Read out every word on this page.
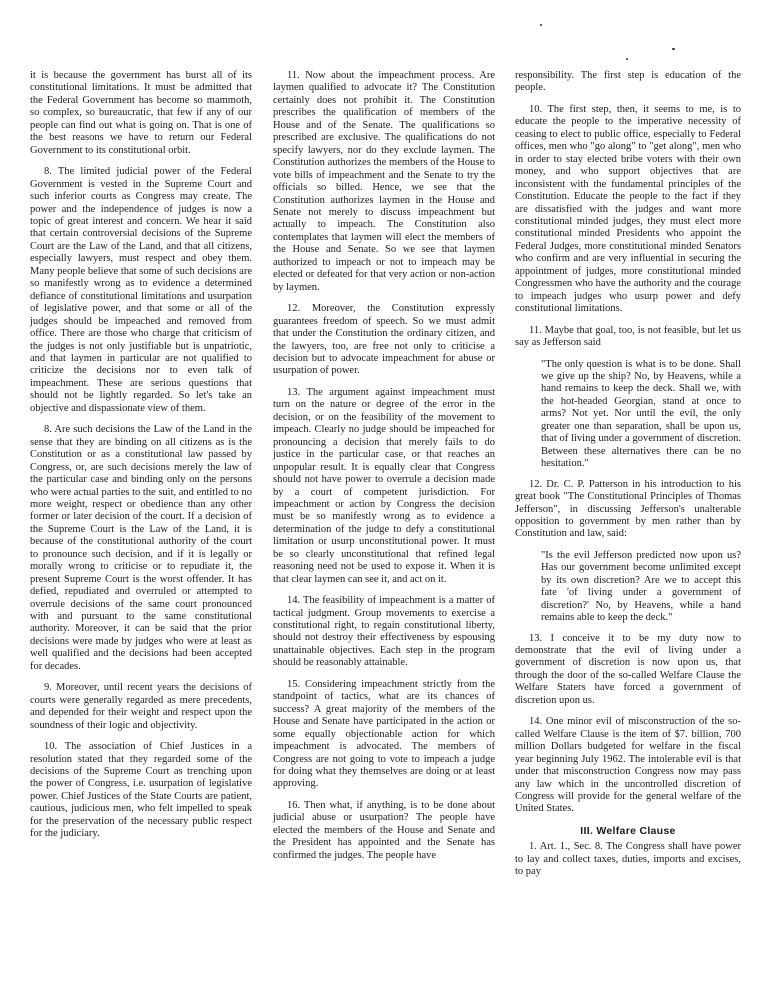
it is because the government has burst all of its constitutional limitations. It must be admitted that the Federal Government has become so mammoth, so complex, so bureaucratic, that few if any of our people can find out what is going on. That is one of the best reasons we have to return our Federal Government to its constitutional orbit.

8. The limited judicial power of the Federal Government is vested in the Supreme Court and such inferior courts as Congress may create. The power and the independence of judges is now a topic of great interest and concern. We hear it said that certain controversial decisions of the Supreme Court are the Law of the Land, and that all citizens, especially lawyers, must respect and obey them. Many people believe that some of such decisions are so manifestly wrong as to evidence a determined defiance of constitutional limitations and usurpation of legislative power, and that some or all of the judges should be impeached and removed from office. There are those who charge that criticism of the judges is not only justifiable but is unpatriotic, and that laymen in particular are not qualified to criticize the decisions nor to even talk of impeachment. These are serious questions that should not be lightly regarded. So let's take an objective and dispassionate view of them.

8. Are such decisions the Law of the Land in the sense that they are binding on all citizens as is the Constitution or as a constitutional law passed by Congress, or, are such decisions merely the law of the particular case and binding only on the persons who were actual parties to the suit, and entitled to no more weight, respect or obedience than any other former or later decision of the court. If a decision of the Supreme Court is the Law of the Land, it is because of the constitutional authority of the court to pronounce such decision, and if it is legally or morally wrong to criticise or to repudiate it, the present Supreme Court is the worst offender. It has defied, repudiated and overruled or attempted to overrule decisions of the same court pronounced with and pursuant to the same constitutional authority. Moreover, it can be said that the prior decisions were made by judges who were at least as well qualified and the decisions had been accepted for decades.

9. Moreover, until recent years the decisions of courts were generally regarded as mere precedents, and depended for their weight and respect upon the soundness of their logic and objectivity.

10. The association of Chief Justices in a resolution stated that they regarded some of the decisions of the Supreme Court as trenching upon the power of Congress, i.e. usurpation of legislative power. Chief Justices of the State Courts are patient, cautious, judicious men, who felt impelled to speak for the preservation of the necessary public respect for the judiciary.

11. Now about the impeachment process. Are laymen qualified to advocate it? The Constitution certainly does not prohibit it. The Constitution prescribes the qualification of members of the House and of the Senate. The qualifications so prescribed are exclusive. The qualifications do not specify lawyers, nor do they exclude laymen. The Constitution authorizes the members of the House to vote bills of impeachment and the Senate to try the officials so billed. Hence, we see that the Constitution authorizes laymen in the House and Senate not merely to discuss impeachment but actually to impeach. The Constitution also contemplates that laymen will elect the members of the House and Senate. So we see that laymen authorized to impeach or not to impeach may be elected or defeated for that very action or non-action by laymen.

12. Moreover, the Constitution expressly guarantees freedom of speech. So we must admit that under the Constitution the ordinary citizen, and the lawyers, too, are free not only to criticise a decision but to advocate impeachment for abuse or usurpation of power.

13. The argument against impeachment must turn on the nature or degree of the error in the decision, or on the feasibility of the movement to impeach. Clearly no judge should be impeached for pronouncing a decision that merely fails to do justice in the particular case, or that reaches an unpopular result. It is equally clear that Congress should not have power to overrule a decision made by a court of competent jurisdiction. For impeachment or action by Congress the decision must be so manifestly wrong as to evidence a determination of the judge to defy a constitutional limitation or usurp unconstitutional power. It must be so clearly unconstitutional that refined legal reasoning need not be used to expose it. When it is that clear laymen can see it, and act on it.

14. The feasibility of impeachment is a matter of tactical judgment. Group movements to exercise a constitutional right, to regain constitutional liberty, should not destroy their effectiveness by espousing unattainable objectives. Each step in the program should be reasonably attainable.

15. Considering impeachment strictly from the standpoint of tactics, what are its chances of success? A great majority of the members of the House and Senate have participated in the action or some equally objectionable action for which impeachment is advocated. The members of Congress are not going to vote to impeach a judge for doing what they themselves are doing or at least approving.

16. Then what, if anything, is to be done about judicial abuse or usurpation? The people have elected the members of the House and Senate and the President has appointed and the Senate has confirmed the judges. The people have

responsibility. The first step is education of the people.

10. The first step, then, it seems to me, is to educate the people to the imperative necessity of ceasing to elect to public office, especially to Federal offices, men who "go along" to "get along", men who in order to stay elected bribe voters with their own money, and who support objectives that are inconsistent with the fundamental principles of the Constitution. Educate the people to the fact if they are dissatisfied with the judges and want more constitutional minded judges, they must elect more constitutional minded Presidents who appoint the Federal Judges, more constitutional minded Senators who confirm and are very influential in securing the appointment of judges, more constitutional minded Congressmen who have the authority and the courage to impeach judges who usurp power and defy constitutional limitations.

11. Maybe that goal, too, is not feasible, but let us say as Jefferson said

"The only question is what is to be done. Shall we give up the ship? No, by Heavens, while a hand remains to keep the deck. Shall we, with the hot-headed Georgian, stand at once to arms? Not yet. Nor until the evil, the only greater one than separation, shall be upon us, that of living under a government of discretion. Between these alternatives there can be no hesitation."

12. Dr. C. P. Patterson in his introduction to his great book "The Constitutional Principles of Thomas Jefferson", in discussing Jefferson's unalterable opposition to government by men rather than by Constitution and law, said:

"Is the evil Jefferson predicted now upon us? Has our government become unlimited except by its own discretion? Are we to accept this fate 'of living under a government of discretion?' No, by Heavens, while a hand remains able to keep the deck."

13. I conceive it to be my duty now to demonstrate that the evil of living under a government of discretion is now upon us, that through the door of the so-called Welfare Clause the Welfare Staters have forced a government of discretion upon us.

14. One minor evil of misconstruction of the so-called Welfare Clause is the item of $7. billion, 700 million Dollars budgeted for welfare in the fiscal year beginning July 1962. The intolerable evil is that under that misconstruction Congress now may pass any law which in the uncontrolled discretion of Congress will provide for the general welfare of the United States.

III. Welfare Clause

1. Art. 1., Sec. 8. The Congress shall have power to lay and collect taxes, duties, imports and excises, to pay
